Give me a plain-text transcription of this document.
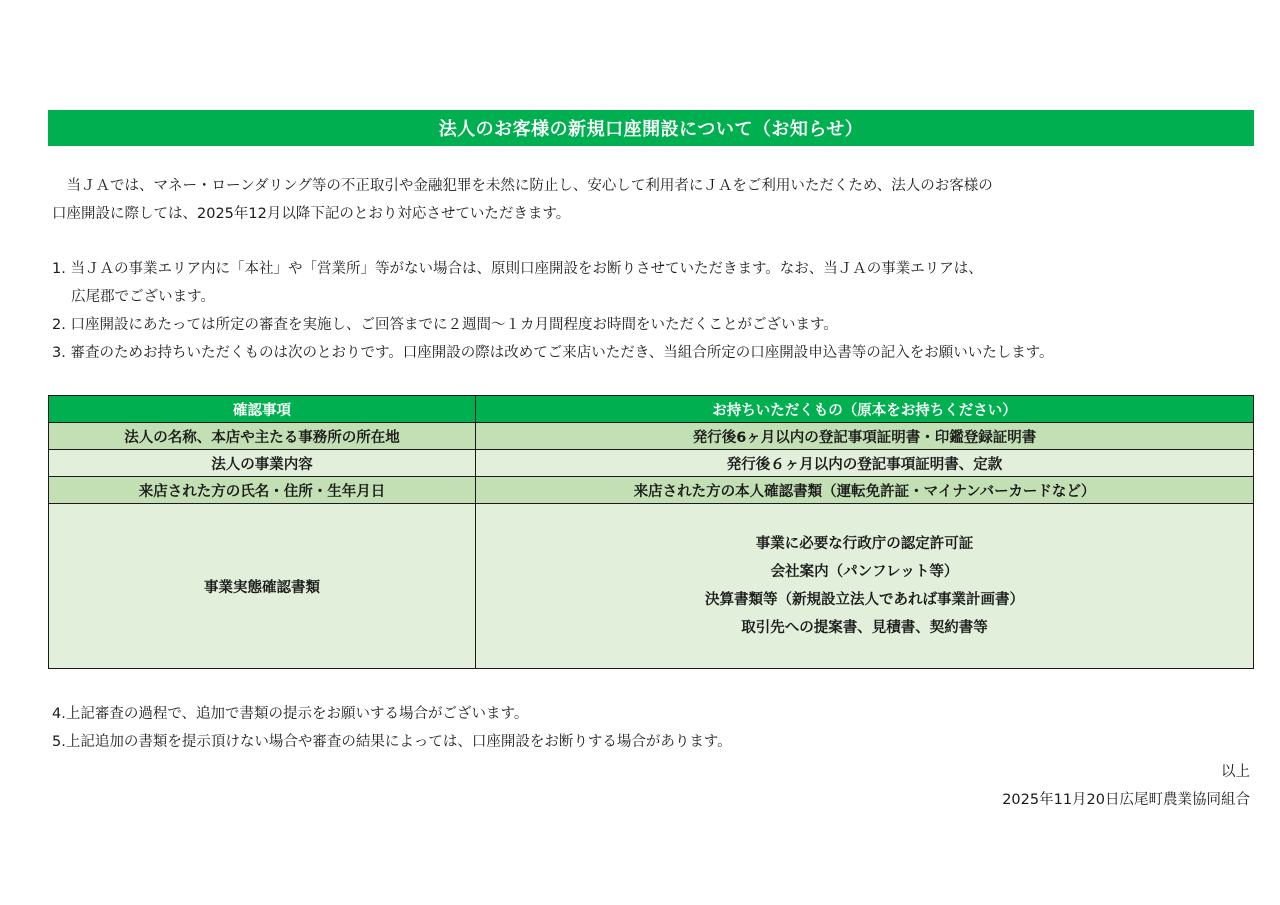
法人のお客様の新規口座開設について（お知らせ）
　当ＪＡでは、マネー・ローンダリング等の不正取引や金融犯罪を未然に防止し、安心して利用者にＪＡをご利用いただくため、法人のお客様の
口座開設に際しては、2025年12月以降下記のとおり対応させていただきます。
1. 当ＪＡの事業エリア内に「本社」や「営業所」等がない場合は、原則口座開設をお断りさせていただきます。なお、当ＪＡの事業エリアは、
　 広尾郡でございます。
2. 口座開設にあたっては所定の審査を実施し、ご回答までに２週間〜１カ月間程度お時間をいただくことがございます。
3. 審査のためお持ちいただくものは次のとおりです。口座開設の際は改めてご来店いただき、当組合所定の口座開設申込書等の記入をお願いいたします。
確認事項	お持ちいただくもの（原本をお持ちください）
法人の名称、本店や主たる事務所の所在地	発行後6ヶ月以内の登記事項証明書・印鑑登録証明書
法人の事業内容	発行後６ヶ月以内の登記事項証明書、定款
来店された方の氏名・住所・生年月日	来店された方の本人確認書類（運転免許証・マイナンバーカードなど）
事業実態確認書類	事業に必要な行政庁の認定許可証
会社案内（パンフレット等）
決算書類等（新規設立法人であれば事業計画書）
取引先への提案書、見積書、契約書等
4.上記審査の過程で、追加で書類の提示をお願いする場合がございます。
5.上記追加の書類を提示頂けない場合や審査の結果によっては、口座開設をお断りする場合があります。
以上
2025年11月20日広尾町農業協同組合
